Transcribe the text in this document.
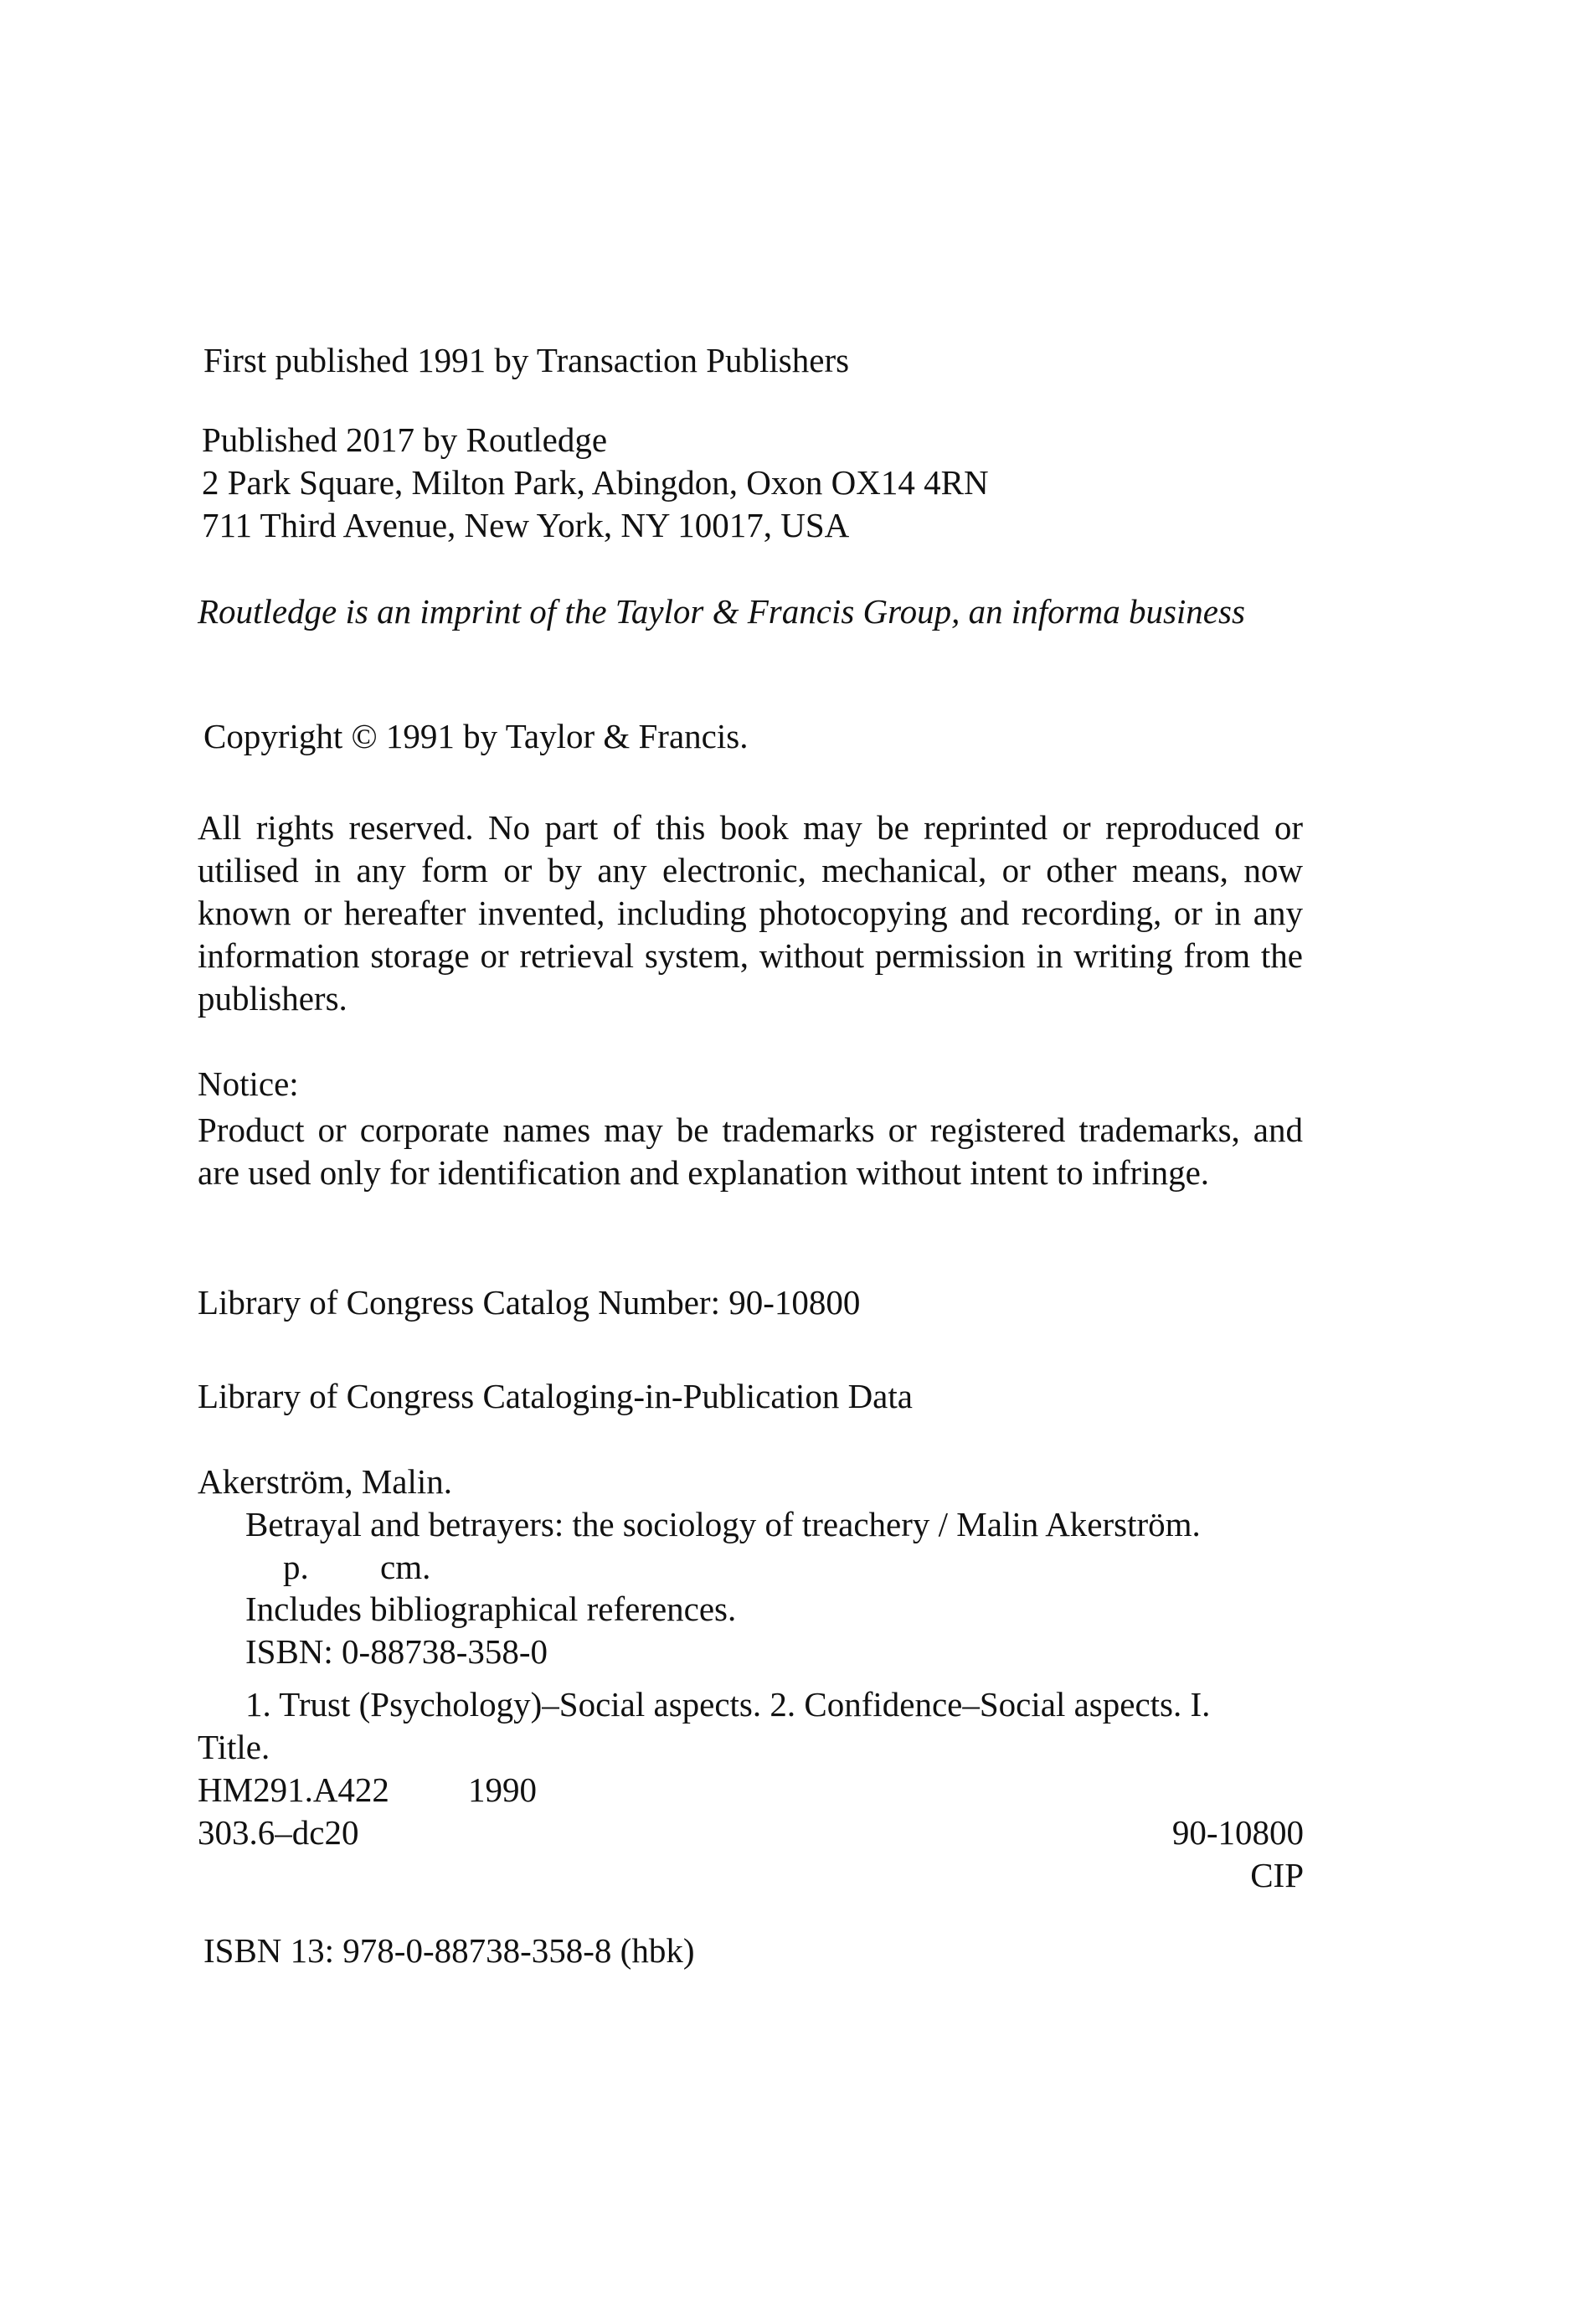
First published 1991 by Transaction Publishers
Published 2017 by Routledge
2 Park Square, Milton Park, Abingdon, Oxon OX14 4RN
711 Third Avenue, New York, NY 10017, USA
Routledge is an imprint of the Taylor & Francis Group, an informa business
Copyright © 1991 by Taylor & Francis.
All rights reserved. No part of this book may be reprinted or reproduced or utilised in any form or by any electronic, mechanical, or other means, now known or hereafter invented, including photocopying and recording, or in any information storage or retrieval system, without permission in writing from the publishers.
Notice:
Product or corporate names may be trademarks or registered trademarks, and are used only for identification and explanation without intent to infringe.
Library of Congress Catalog Number: 90-10800
Library of Congress Cataloging-in-Publication Data
Akerström, Malin.
Betrayal and betrayers: the sociology of treachery / Malin Akerström.
p. cm.
Includes bibliographical references.
ISBN: 0-88738-358-0
1. Trust (Psychology)–Social aspects. 2. Confidence–Social aspects. I.
Title.
HM291.A422 1990
303.6–dc20	90-10800
CIP
ISBN 13: 978-0-88738-358-8 (hbk)
